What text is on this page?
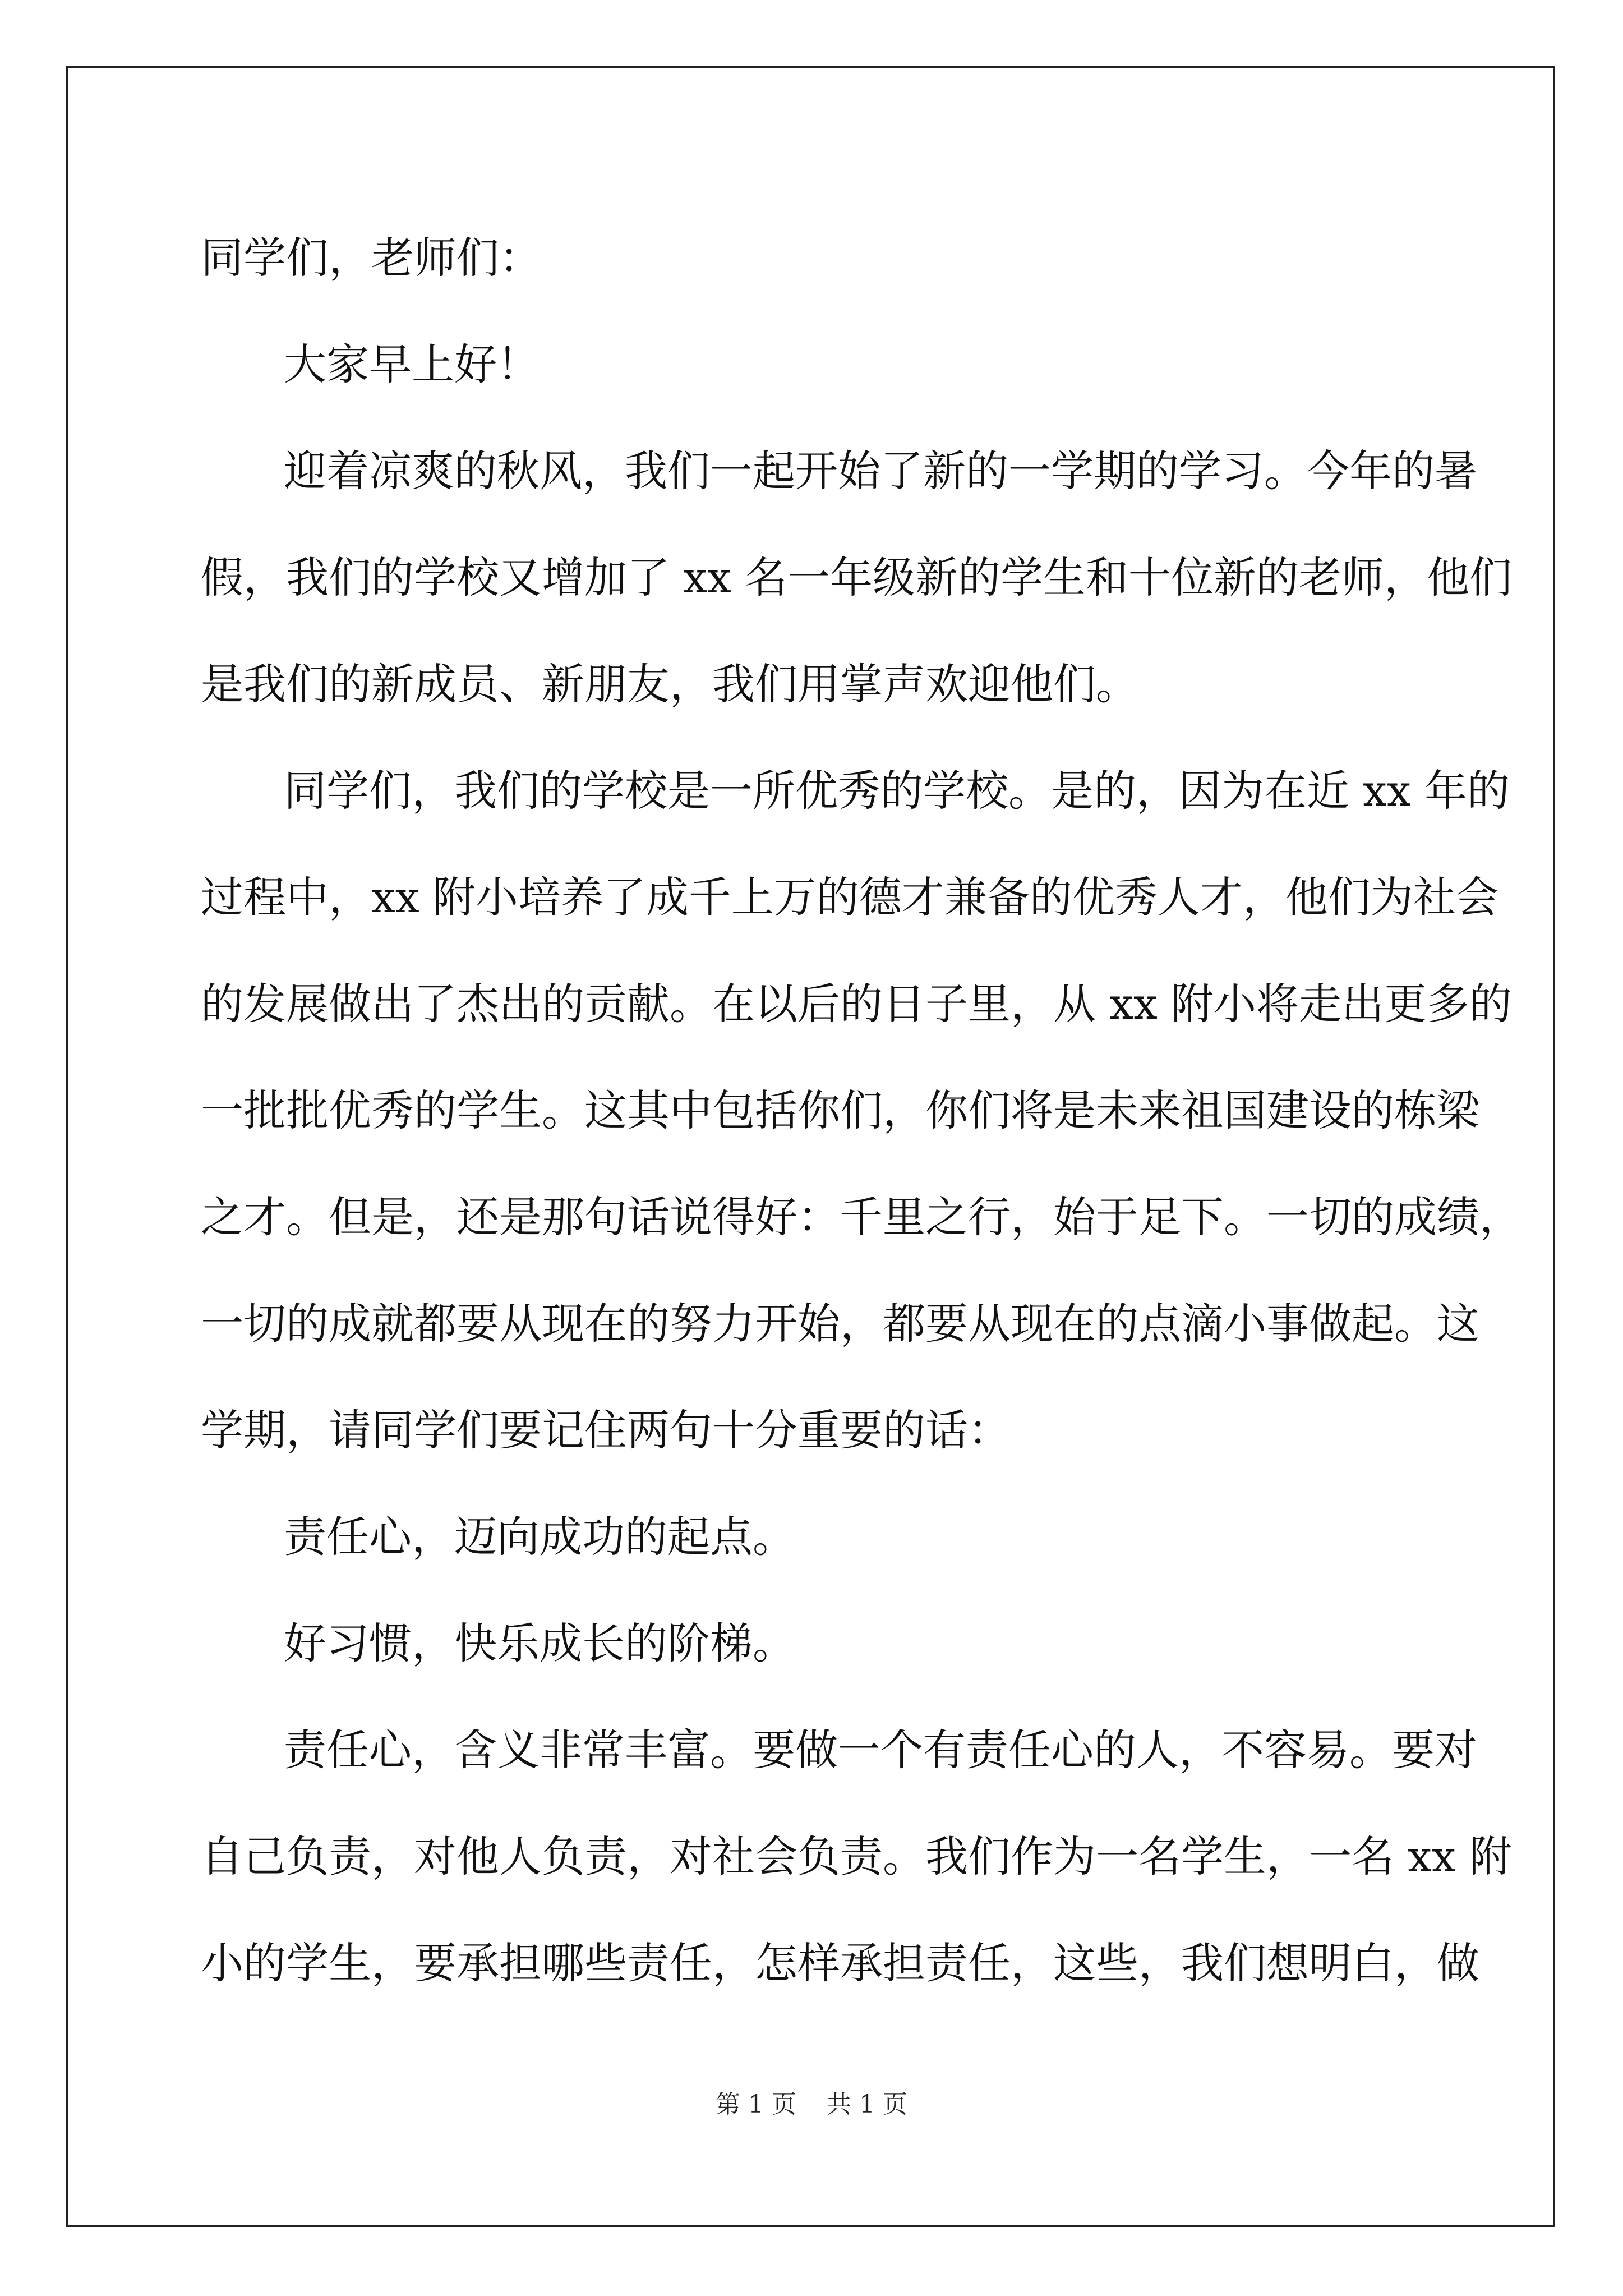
同学们，老师们：
大家早上好！
迎着凉爽的秋风，我们一起开始了新的一学期的学习。今年的暑
假，我们的学校又增加了 xx 名一年级新的学生和十位新的老师，他们
是我们的新成员、新朋友，我们用掌声欢迎他们。
同学们，我们的学校是一所优秀的学校。是的，因为在近 xx 年的
过程中，xx 附小培养了成千上万的德才兼备的优秀人才，他们为社会
的发展做出了杰出的贡献。在以后的日子里，从 xx 附小将走出更多的
一批批优秀的学生。这其中包括你们，你们将是未来祖国建设的栋梁
之才。但是，还是那句话说得好：千里之行，始于足下。一切的成绩，
一切的成就都要从现在的努力开始，都要从现在的点滴小事做起。这
学期，请同学们要记住两句十分重要的话：
责任心，迈向成功的起点。
好习惯，快乐成长的阶梯。
责任心，含义非常丰富。要做一个有责任心的人，不容易。要对
自己负责，对他人负责，对社会负责。我们作为一名学生，一名 xx 附
小的学生，要承担哪些责任，怎样承担责任，这些，我们想明白，做
第 1 页 共 1 页
